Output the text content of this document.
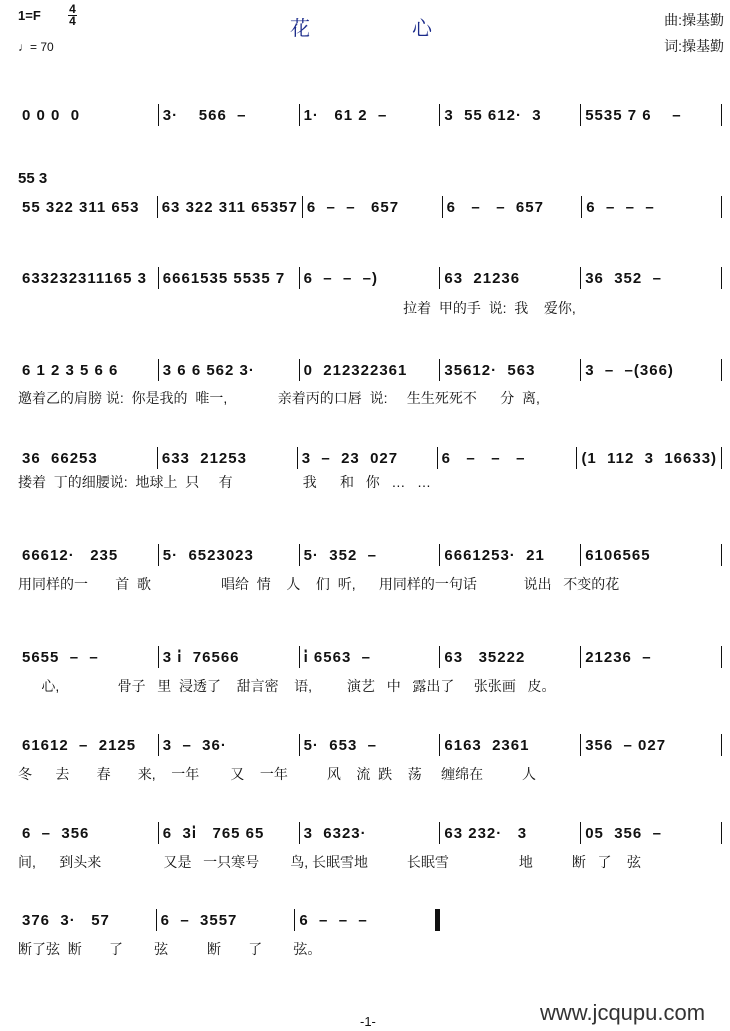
1=F 4
4
♩= 70
花	心	曲:操基勤
词:操基勤
55 3
0 0 0  0	3·    566  –	1·   61 2  –	3  55 612·  3	5535 7 6    –
55 322 311 653	63 322 311 65357 6  –  –   657	6   –   –  657	6  –  –  –
633232311165 3	6661535 5535 7	6  –  –  –)	63  21236	36  352  –
拉着  甲的手  说:  我    爱你,
6 1 2 3 5 6 6	3 6 6 562 3·	0  212322361	35612·  563	3  –  –(366)
邀着乙的肩膀 说:  你是我的  唯一,             亲着丙的口唇  说:     生生死死不      分  离,
36  66253	633  21253	3  –  23  027	6   –   –   –	(1  112  3  16633)
搂着  丁的细腰说:  地球上  只     有                  我      和   你   …   …
66612·   235	5·  6523023	5·  352  –	6661253·  21	6106565
用同样的一       首  歌                  唱给  情    人    们  听,      用同样的一句话            说出   不变的花
5655  –  –	3 i̇  76566	i̇ 6563  –	63   35222	21236  –
心,               骨子   里  浸透了    甜言密    语,         演艺   中   露出了     张张画   皮。
61612  –  2125	3  –  36·	5·  653  –	6163  2361	356  – 027
冬      去       春       来,    一年        又    一年          风    流  跌    荡     缠绵在          人
6  –  356	6  3i̇   765 65	3  6323·	63 232·   3	05  356  –
间,      到头来                又是   一只寒号        鸟, 长眠雪地          长眠雪                  地          断   了    弦
376  3·   57	6  –  3557	6  –  –  –
断了弦  断       了        弦          断       了        弦。
-1-	www.jcqupu.com
